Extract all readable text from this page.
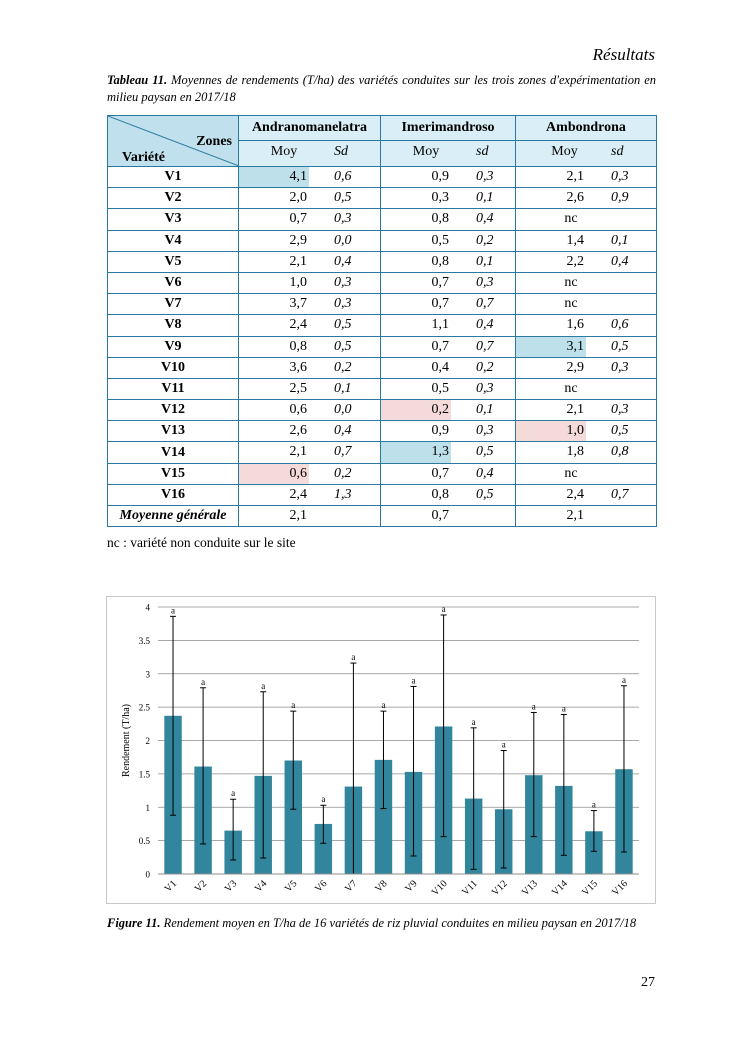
Résultats
Tableau 11. Moyennes de rendements (T/ha) des variétés conduites sur les trois zones d'expérimentation en milieu paysan en 2017/18
Zones
Variété	Andranomanelatra	Imerimandroso	Ambondrona

	Moy Sd	Moy sd	Moy sd

V1	4,1 0,6	0,9 0,3	2,1 0,3

V2	2,0 0,5	0,3 0,1	2,6 0,9

V3	0,7 0,3	0,8 0,4	nc

V4	2,9 0,0	0,5 0,2	1,4 0,1

V5	2,1 0,4	0,8 0,1	2,2 0,4

V6	1,0 0,3	0,7 0,3	nc

V7	3,7 0,3	0,7 0,7	nc

V8	2,4 0,5	1,1 0,4	1,6 0,6

V9	0,8 0,5	0,7 0,7	3,1 0,5

V10	3,6 0,2	0,4 0,2	2,9 0,3

V11	2,5 0,1	0,5 0,3	nc

V12	0,6 0,0	0,2 0,1	2,1 0,3

V13	2,6 0,4	0,9 0,3	1,0 0,5

V14	2,1 0,7	1,3 0,5	1,8 0,8

V15	0,6 0,2	0,7 0,4	nc

V16	2,4 1,3	0,8 0,5	2,4 0,7

Moyenne générale	2,1	0,7	2,1
nc : variété non conduite sur le site
0
0.5
1
1.5
2
2.5
3
3.5
4
Rendement (T/ha)
a
a
a
a
a
a
a
a
a
a
a
a
a	a
a
a
V1 V2 V3 V4 V5 V6 V7 V8 V9 V10 V11 V12 V13 V14 V15 V16
Figure 11. Rendement moyen en T/ha de 16 variétés de riz pluvial conduites en milieu paysan en 2017/18
27
